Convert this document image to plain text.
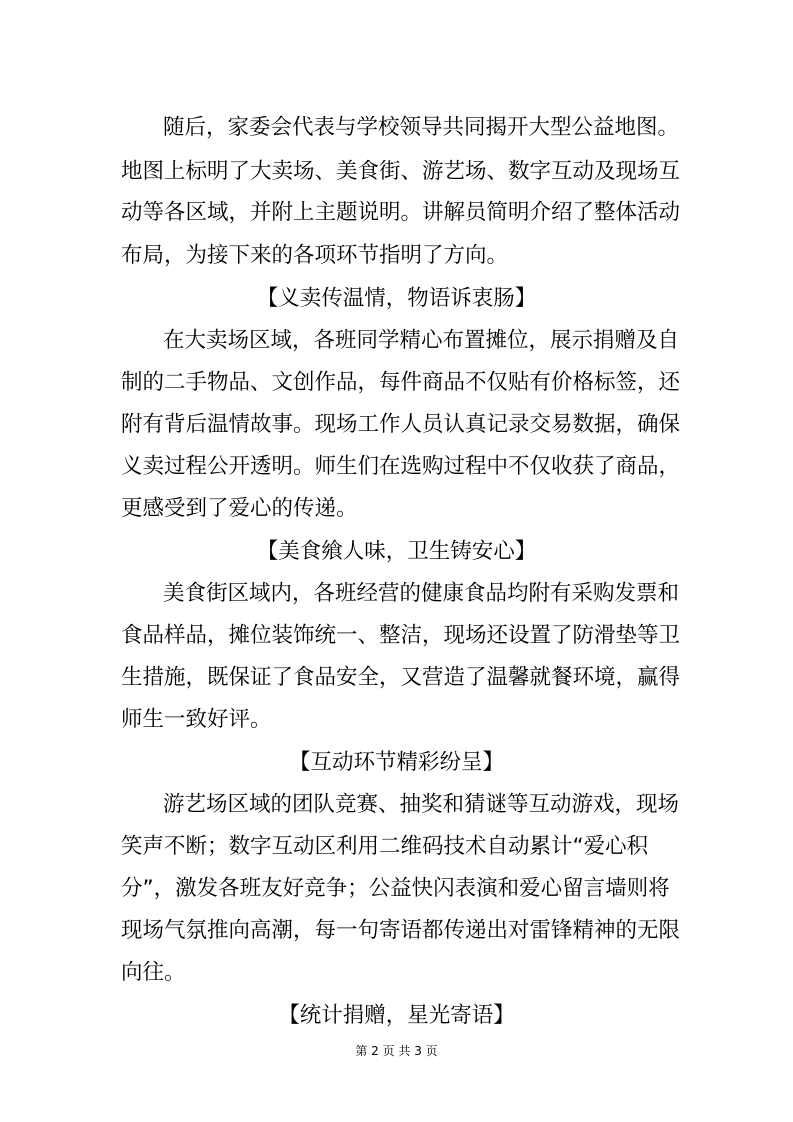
随后，家委会代表与学校领导共同揭开大型公益地图。
地图上标明了大卖场、美食街、游艺场、数字互动及现场互
动等各区域，并附上主题说明。讲解员简明介绍了整体活动
布局，为接下来的各项环节指明了方向。
【义卖传温情，物语诉衷肠】
在大卖场区域，各班同学精心布置摊位，展示捐赠及自
制的二手物品、文创作品，每件商品不仅贴有价格标签，还
附有背后温情故事。现场工作人员认真记录交易数据，确保
义卖过程公开透明。师生们在选购过程中不仅收获了商品，
更感受到了爱心的传递。
【美食飨人味，卫生铸安心】
美食街区域内，各班经营的健康食品均附有采购发票和
食品样品，摊位装饰统一、整洁，现场还设置了防滑垫等卫
生措施，既保证了食品安全，又营造了温馨就餐环境，赢得
师生一致好评。
【互动环节精彩纷呈】
游艺场区域的团队竞赛、抽奖和猜谜等互动游戏，现场
笑声不断；数字互动区利用二维码技术自动累计“爱心积
分”，激发各班友好竞争；公益快闪表演和爱心留言墙则将
现场气氛推向高潮，每一句寄语都传递出对雷锋精神的无限
向往。
【统计捐赠，星光寄语】
第 2 页 共 3 页
